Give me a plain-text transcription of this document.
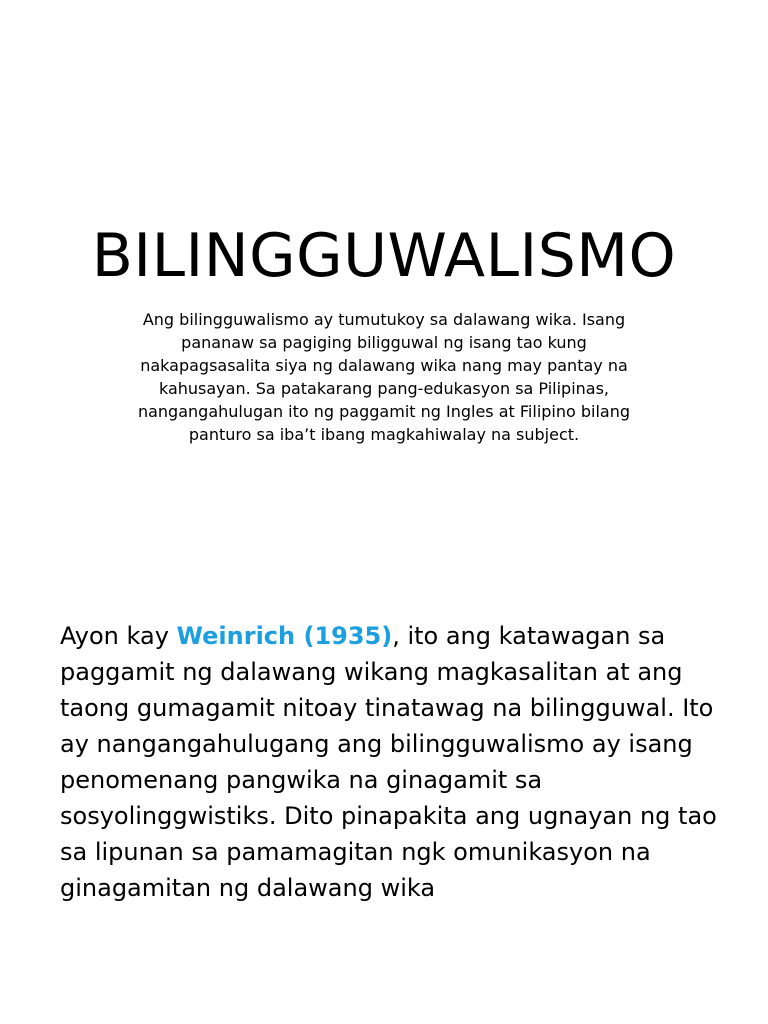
BILINGGUWALISMO

Ang bilingguwalismo ay tumutukoy sa dalawang wika. Isang pananaw sa pagiging biligguwal ng isang tao kung nakapagsasalita siya ng dalawang wika nang may pantay na kahusayan. Sa patakarang pang-edukasyon sa Pilipinas, nangangahulugan ito ng paggamit ng Ingles at Filipino bilang panturo sa iba’t ibang magkahiwalay na subject.

Ayon kay Weinrich (1935), ito ang katawagan sa paggamit ng dalawang wikang magkasalitan at ang taong gumagamit nitoay tinatawag na bilingguwal. Ito ay nangangahulugang ang bilingguwalismo ay isang penomenang pangwika na ginagamit sa sosyolinggwistiks. Dito pinapakita ang ugnayan ng tao sa lipunan sa pamamagitan ngk omunikasyon na ginagamitan ng dalawang wika
